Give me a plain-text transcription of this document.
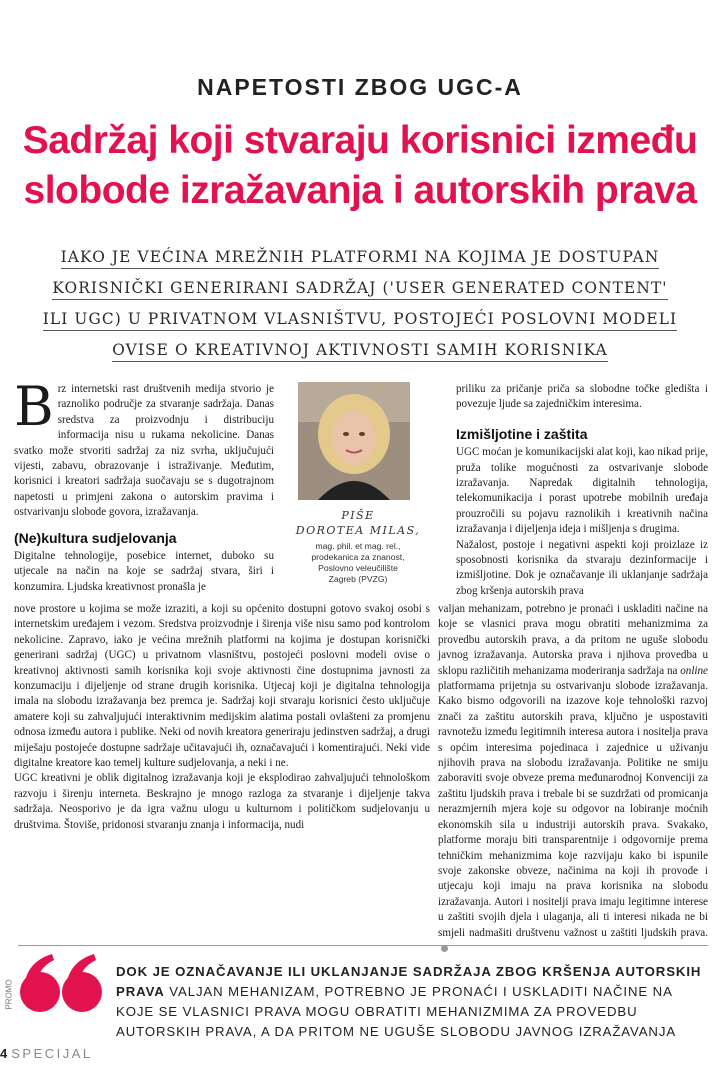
NAPETOSTI ZBOG UGC-A
Sadržaj koji stvaraju korisnici između
slobode izražavanja i autorskih prava
IAKO JE VEĆINA MREŽNIH PLATFORMI NA KOJIMA JE DOSTUPAN
KORISNIČKI GENERIRANI SADRŽAJ ('USER GENERATED CONTENT'
ILI UGC) U PRIVATNOM VLASNIŠTVU, POSTOJEĆI POSLOVNI MODELI
OVISE O KREATIVNOJ AKTIVNOSTI SAMIH KORISNIKA

Brz internetski rast društvenih medija stvorio je raznoliko područje za stvaranje sadržaja. Danas sredstva za proizvodnju i distribuciju informacija nisu u rukama nekolicine. Danas svatko može stvoriti sadržaj za niz svrha, uključujući vijesti, zabavu, obrazovanje i istraživanje. Međutim, korisnici i kreatori sadržaja suočavaju se s dugotrajnom napetosti u primjeni zakona o autorskim pravima i ostvarivanju slobode govora, izražavanja.

(Ne)kultura sudjelovanja

Digitalne tehnologije, posebice internet, duboko su utjecale na način na koje se sadržaj stvara, širi i konzumira. Ljudska kreativnost pronašla je

PIŠE
DOROTEA MILAS,
mag. phil. et mag. rel.,
prodekanica za znanost,
Poslovno veleučilište
Zagreb (PVZG)

nove prostore u kojima se može izraziti, a koji su općenito dostupni gotovo svakoj osobi s internetskim uređajem i vezom. Sredstva proizvodnje i širenja više nisu samo pod kontrolom nekolicine. Zapravo, iako je većina mrežnih platformi na kojima je dostupan korisnički generirani sadržaj (UGC) u privatnom vlasništvu, postojeći poslovni modeli ovise o kreativnoj aktivnosti samih korisnika koji svoje aktivnosti čine dostupnima javnosti za konzumaciju i dijeljenje od strane drugih korisnika. Utjecaj koji je digitalna tehnologija imala na slobodu izražavanja bez premca je. Sadržaj koji stvaraju korisnici često uključuje amatere koji su zahvaljujući interaktivnim medijskim alatima postali ovlašteni za promjenu odnosa između autora i publike. Neki od novih kreatora generiraju jedinstven sadržaj, a drugi miješaju postojeće dostupne sadržaje učitavajući ih, označavajući i komentirajući. Neki vide digitalne kreatore kao temelj kulture sudjelovanja, a neki i ne.

UGC kreativni je oblik digitalnog izražavanja koji je eksplodirao zahvaljujući tehnološkom razvoju i širenju interneta. Beskrajno je mnogo razloga za stvaranje i dijeljenje takva sadržaja. Neosporivo je da igra važnu ulogu u kulturnom i političkom sudjelovanju u društvima. Štoviše, pridonosi stvaranju znanja i informacija, nudi

priliku za pričanje priča sa slobodne točke gledišta i povezuje ljude sa zajedničkim interesima.

Izmišljotine i zaštita

UGC moćan je komunikacijski alat koji, kao nikad prije, pruža tolike mogućnosti za ostvarivanje slobode izražavanja. Napredak digitalnih tehnologija, telekomunikacija i porast upotrebe mobilnih uređaja prouzročili su pojavu raznolikih i kreativnih načina izražavanja i dijeljenja ideja i mišljenja s drugima.

Nažalost, postoje i negativni aspekti koji proizlaze iz sposobnosti korisnika da stvaraju dezinformacije i izmišljotine. Dok je označavanje ili uklanjanje sadržaja zbog kršenja autorskih prava

valjan mehanizam, potrebno je pronaći i uskladiti načine na koje se vlasnici prava mogu obratiti mehanizmima za provedbu autorskih prava, a da pritom ne uguše slobodu javnog izražavanja. Autorska prava i njihova provedba u sklopu različitih mehanizama moderiranja sadržaja na online platformama prijetnja su ostvarivanju slobode izražavanja. Kako bismo odgovorili na izazove koje tehnološki razvoj znači za zaštitu autorskih prava, ključno je uspostaviti ravnotežu između legitimnih interesa autora i nositelja prava s općim interesima pojedinaca i zajednice u uživanju njihovih prava na slobodu izražavanja. Politike ne smiju zaboraviti svoje obveze prema međunarodnoj Konvenciji za zaštitu ljudskih prava i trebale bi se suzdržati od promicanja nerazmjernih mjera koje su odgovor na lobiranje moćnih ekonomskih sila u industriji autorskih prava. Svakako, platforme moraju biti transparentnije i odgovornije prema tehničkim mehanizmima koje razvijaju kako bi ispunile svoje zakonske obveze, načinima na koji ih provode i utjecaju koji imaju na prava korisnika na slobodu izražavanja. Autori i nositelji prava imaju legitimne interese u zaštiti svojih djela i ulaganja, ali ti interesi nikada ne bi smjeli nadmašiti društvenu važnost u zaštiti ljudskih prava.

PROMO
DOK JE OZNAČAVANJE ILI UKLANJANJE SADRŽAJA ZBOG KRŠENJA AUTORSKIH PRAVA VALJAN MEHANIZAM, POTREBNO JE PRONAĆI I USKLADITI NAČINE NA KOJE SE VLASNICI PRAVA MOGU OBRATITI MEHANIZMIMA ZA PROVEDBU AUTORSKIH PRAVA, A DA PRITOM NE UGUŠE SLOBODU JAVNOG IZRAŽAVANJA
4 SPECIJAL
